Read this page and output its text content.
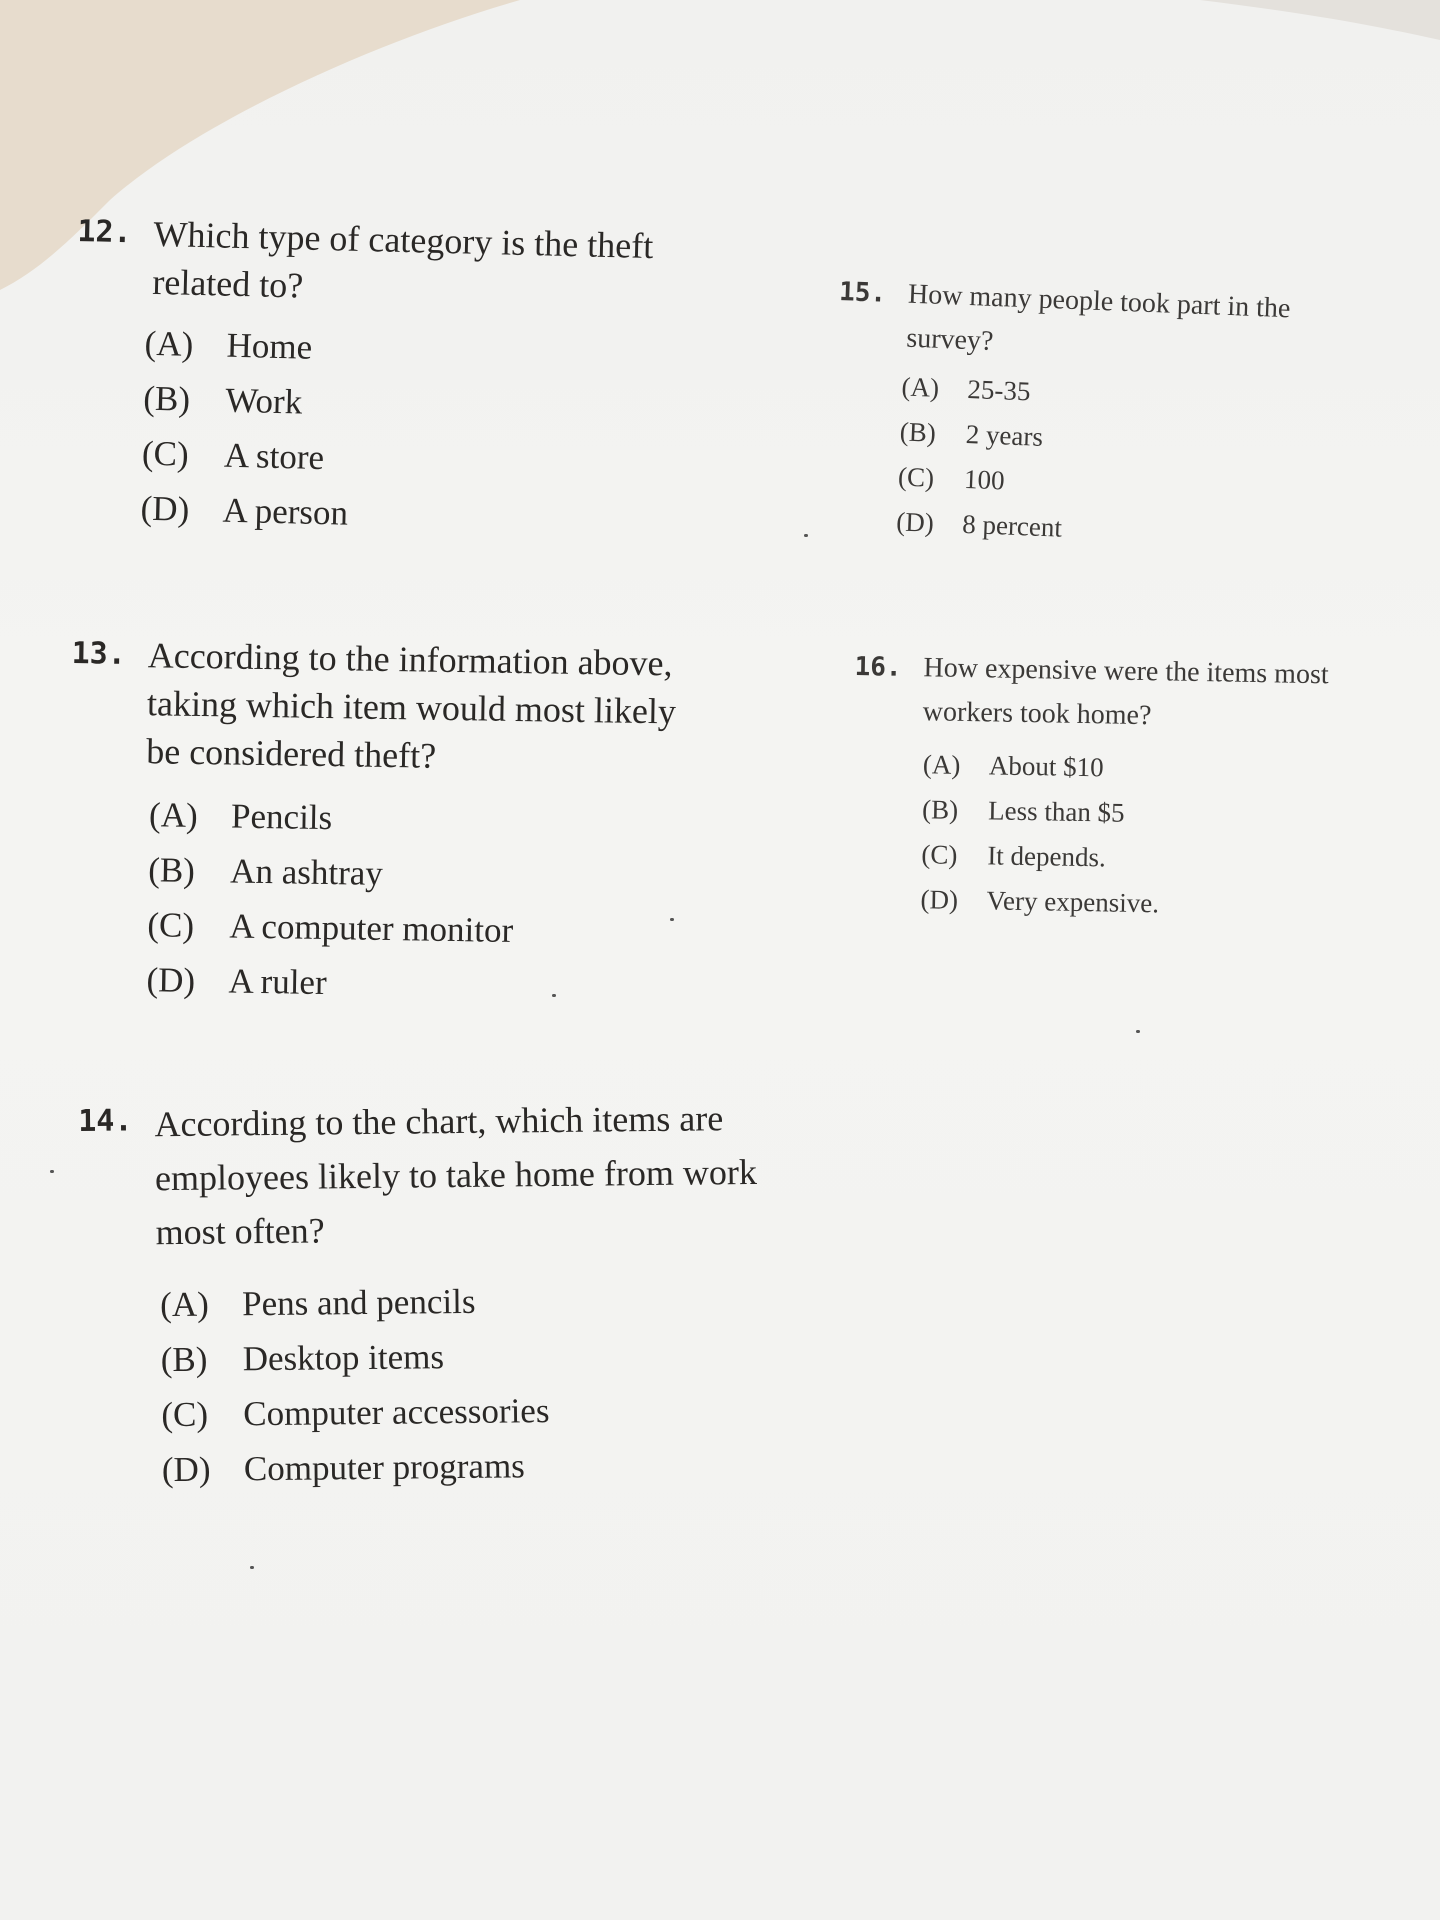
12. Which type of category is the theft
related to?
(A) Home
(B) Work
(C) A store
(D) A person
13. According to the information above,
taking which item would most likely
be considered theft?
(A) Pencils
(B) An ashtray
(C) A computer monitor
(D) A ruler
14. According to the chart, which items are
employees likely to take home from work
most often?
(A) Pens and pencils
(B) Desktop items
(C) Computer accessories
(D) Computer programs
15. How many people took part in the
survey?
(A)	25-35
(B)	2 years
(C)	100
(D)	8 percent
16. How expensive were the items most
workers took home?
(A)	About $10
(B)	Less than $5
(C)	It depends.
(D)	Very expensive.
